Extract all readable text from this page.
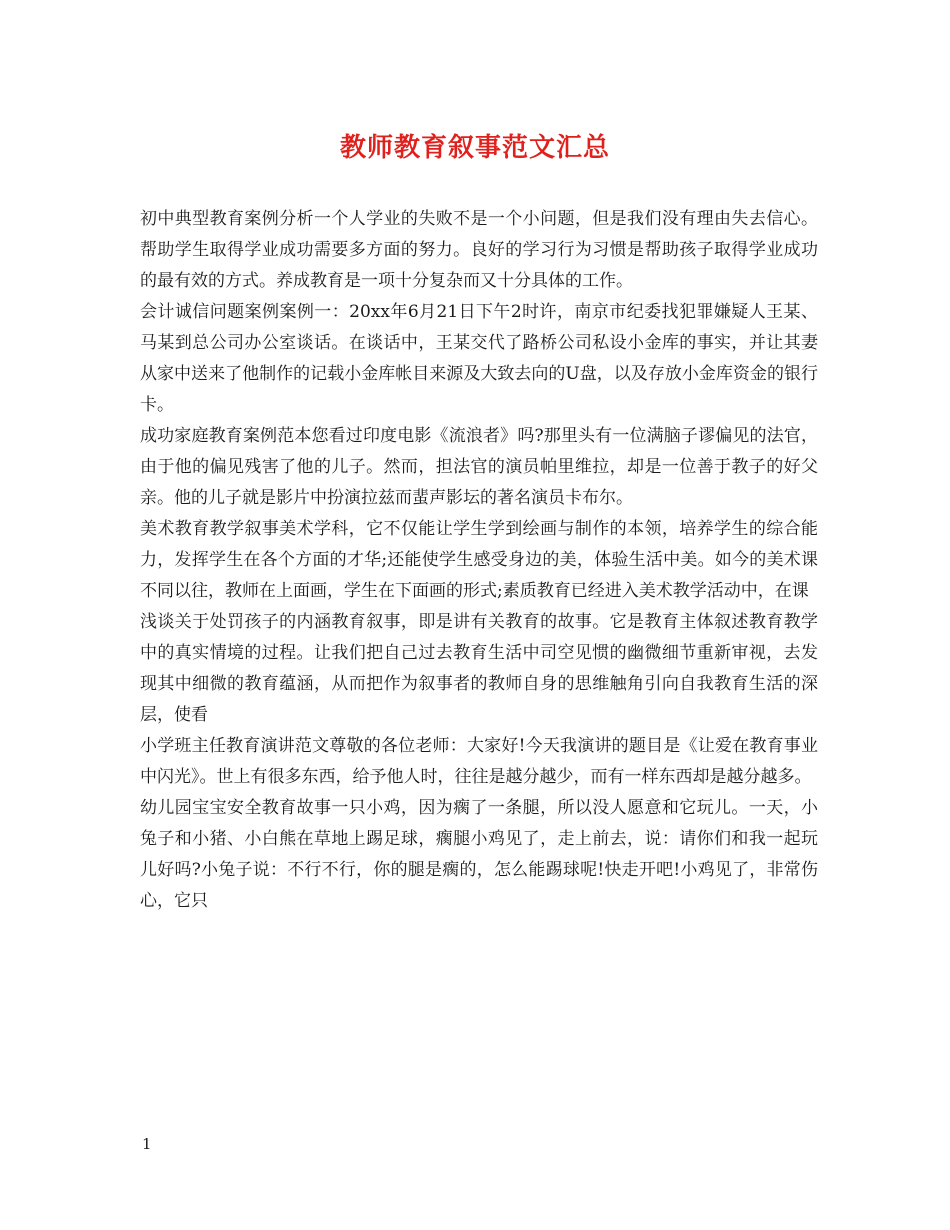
教师教育叙事范文汇总

初中典型教育案例分析一个人学业的失败不是一个小问题，但是我们没有理由失去信心。帮助学生取得学业成功需要多方面的努力。良好的学习行为习惯是帮助孩子取得学业成功的最有效的方式。养成教育是一项十分复杂而又十分具体的工作。

会计诚信问题案例案例一：20xx年6月21日下午2时许，南京市纪委找犯罪嫌疑人王某、马某到总公司办公室谈话。在谈话中，王某交代了路桥公司私设小金库的事实，并让其妻从家中送来了他制作的记载小金库帐目来源及大致去向的U盘，以及存放小金库资金的银行卡。

成功家庭教育案例范本您看过印度电影《流浪者》吗?那里头有一位满脑子谬偏见的法官，由于他的偏见残害了他的儿子。然而，担法官的演员帕里维拉，却是一位善于教子的好父亲。他的儿子就是影片中扮演拉兹而蜚声影坛的著名演员卡布尔。

美术教育教学叙事美术学科，它不仅能让学生学到绘画与制作的本领，培养学生的综合能力，发挥学生在各个方面的才华;还能使学生感受身边的美，体验生活中美。如今的美术课不同以往，教师在上面画，学生在下面画的形式;素质教育已经进入美术教学活动中，在课

浅谈关于处罚孩子的内涵教育叙事，即是讲有关教育的故事。它是教育主体叙述教育教学中的真实情境的过程。让我们把自己过去教育生活中司空见惯的幽微细节重新审视，去发现其中细微的教育蕴涵，从而把作为叙事者的教师自身的思维触角引向自我教育生活的深层，使看

小学班主任教育演讲范文尊敬的各位老师：大家好!今天我演讲的题目是《让爱在教育事业中闪光》。世上有很多东西，给予他人时，往往是越分越少，而有一样东西却是越分越多。

幼儿园宝宝安全教育故事一只小鸡，因为瘸了一条腿，所以没人愿意和它玩儿。一天，小兔子和小猪、小白熊在草地上踢足球，瘸腿小鸡见了，走上前去，说：请你们和我一起玩儿好吗?小兔子说：不行不行，你的腿是瘸的，怎么能踢球呢!快走开吧!小鸡见了，非常伤心，它只

1
